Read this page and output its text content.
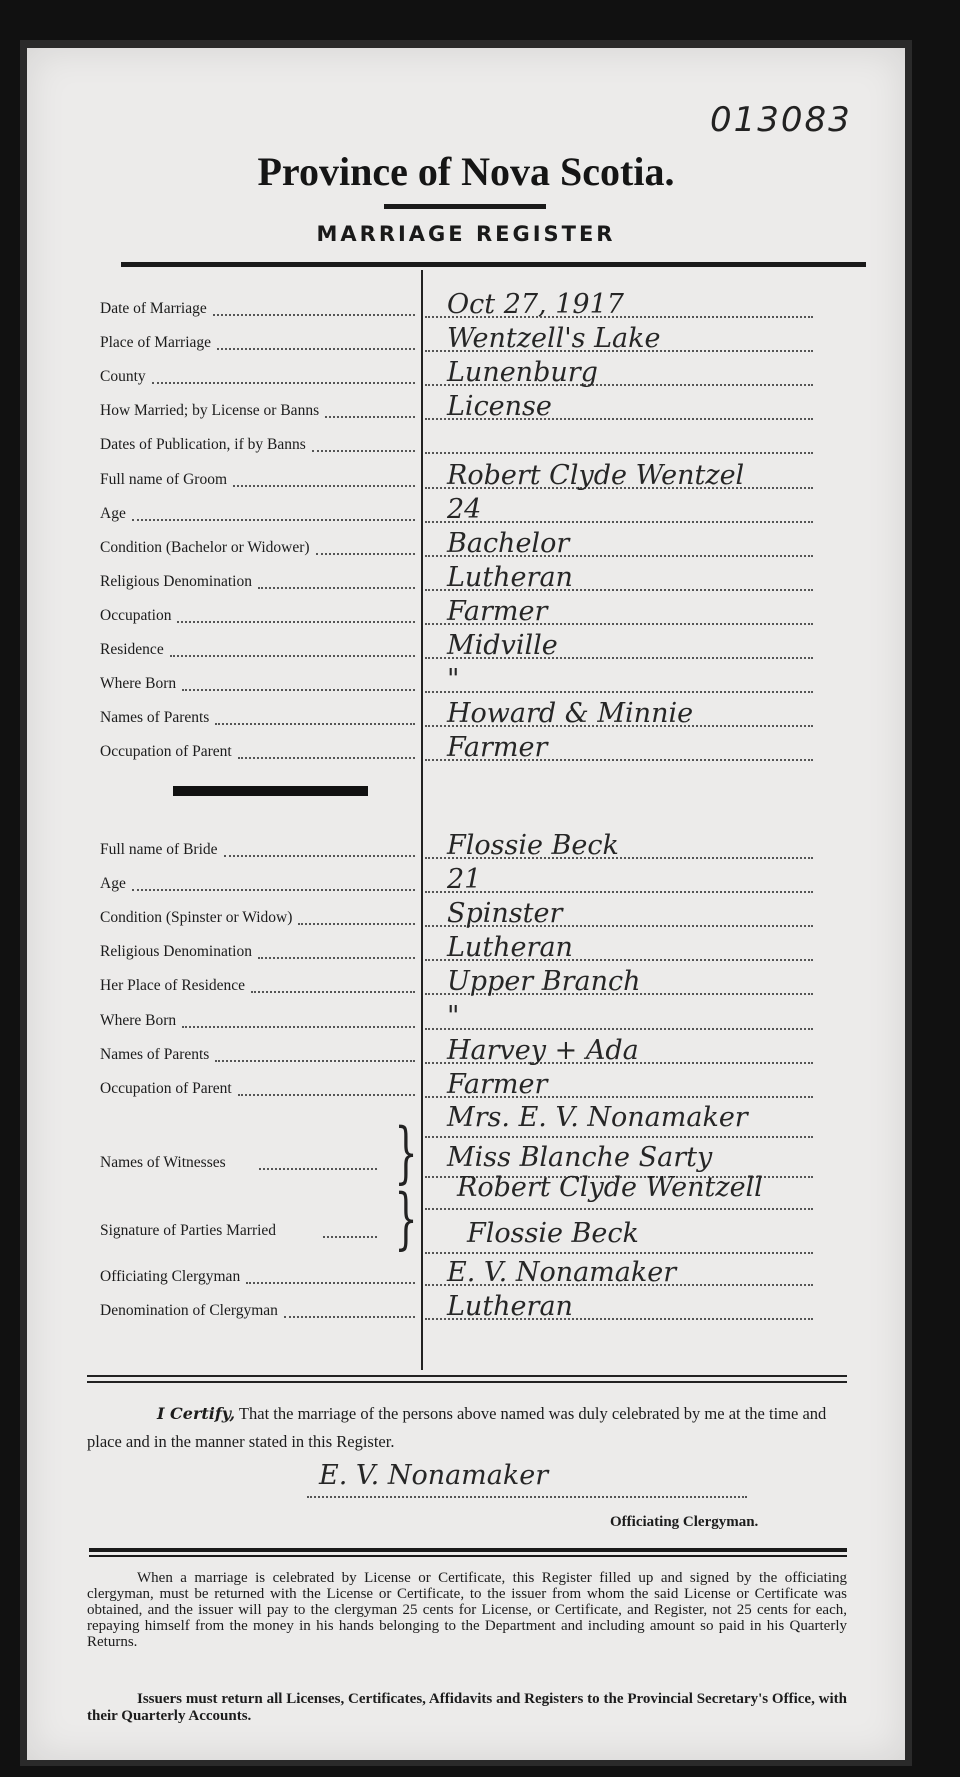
013083
Province of Nova Scotia.
MARRIAGE REGISTER
Date of Marriage	Oct 27, 1917
Place of Marriage	Wentzell's Lake
County	Lunenburg
How Married; by License or Banns	License
Dates of Publication, if by Banns
Full name of Groom	Robert Clyde Wentzel
Age	24
Condition (Bachelor or Widower)	Bachelor
Religious Denomination	Lutheran
Occupation	Farmer
Residence	Midville
Where Born	"
Names of Parents	Howard & Minnie
Occupation of Parent	Farmer
Full name of Bride	Flossie Beck
Age	21
Condition (Spinster or Widow)	Spinster
Religious Denomination	Lutheran
Her Place of Residence	Upper Branch
Where Born	"
Names of Parents	Harvey + Ada
Occupation of Parent	Farmer
Names of Witnesses	} Mrs. E. V. Nonamaker
Miss Blanche Sarty
Signature of Parties Married } Robert Clyde Wentzell
Flossie Beck
Officiating Clergyman	E. V. Nonamaker
Denomination of Clergyman	Lutheran
I Certify, That the marriage of the persons above named was duly celebrated by me at the time and place and in the manner stated in this Register.
E. V. Nonamaker
Officiating Clergyman.
When a marriage is celebrated by License or Certificate, this Register filled up and signed by the officiating clergyman, must be returned with the License or Certificate, to the issuer from whom the said License or Certificate was obtained, and the issuer will pay to the clergyman 25 cents for License, or Certificate, and Register, not 25 cents for each, repaying himself from the money in his hands belonging to the Department and including amount so paid in his Quarterly Returns.
Issuers must return all Licenses, Certificates, Affidavits and Registers to the Provincial Secretary's Office, with their Quarterly Accounts.
